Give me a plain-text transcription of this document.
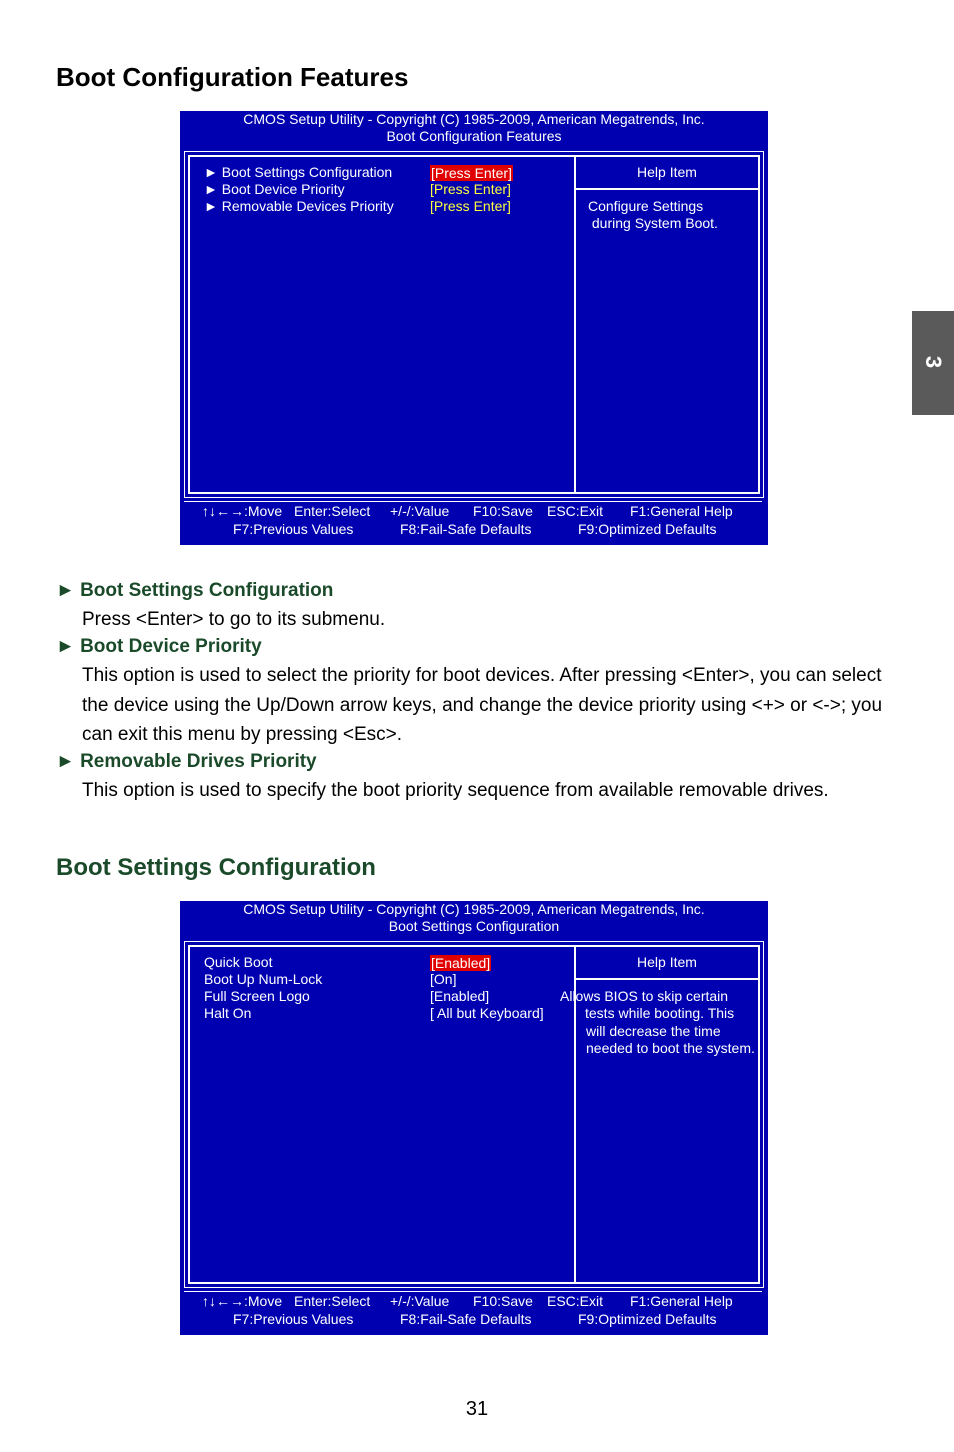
Boot Configuration Features
3
CMOS Setup Utility - Copyright (C) 1985-2009, American Megatrends, Inc.
Boot Configuration Features
Help Item
► Boot Settings Configuration	[Press Enter]
► Boot Device Priority	[Press Enter]
► Removable Devices Priority	[Press Enter]	Configure Settings
during System Boot.
↑↓←→:Move Enter:Select +/-/:Value F10:Save ESC:Exit F1:General Help
F7:Previous Values	F8:Fail-Safe Defaults	F9:Optimized Defaults
► Boot Settings Configuration
Press <Enter> to go to its submenu.
► Boot Device Priority
This option is used to select the priority for boot devices. After pressing <Enter>, you can select the device using the Up/Down arrow keys, and change the device priority using <+> or <->; you can exit this menu by pressing <Esc>.
► Removable Drives Priority
This option is used to specify the boot priority sequence from available removable drives.
Boot Settings Configuration
CMOS Setup Utility - Copyright (C) 1985-2009, American Megatrends, Inc.
Boot Settings Configuration
Help Item
Quick Boot	[Enabled]
Boot Up Num-Lock	[On]
Full Screen Logo	[Enabled]
Halt On	[ All but Keyboard]
Allows BIOS to skip certain
tests while booting. This
will decrease the time
needed to boot the system.
↑↓←→:Move Enter:Select +/-/:Value F10:Save ESC:Exit F1:General Help
F7:Previous Values	F8:Fail-Safe Defaults	F9:Optimized Defaults
31
